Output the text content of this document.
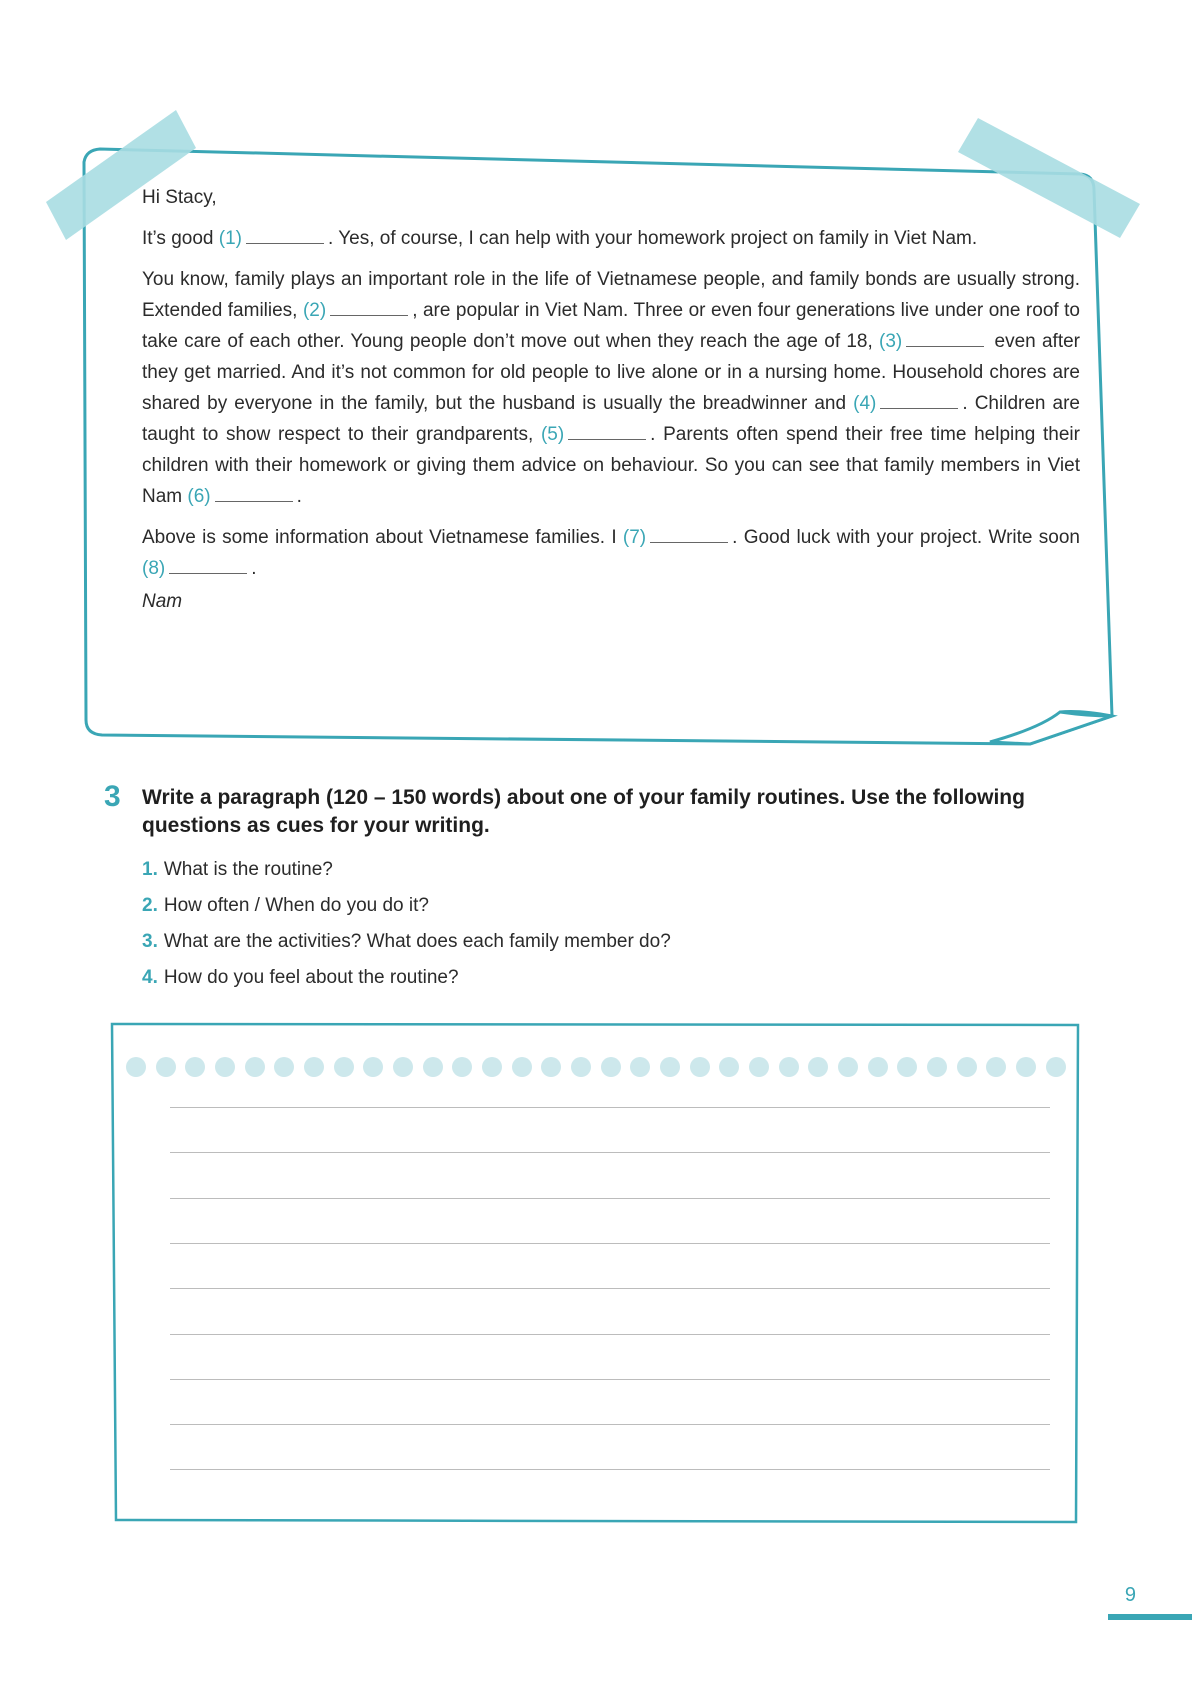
Hi Stacy,

It’s good (1)	. Yes, of course, I can help with your homework project on family in Viet Nam.

You know, family plays an important role in the life of Vietnamese people, and family bonds are usually strong. Extended families, (2)	, are popular in Viet Nam. Three or even four generations live under one roof to take care of each other. Young people don’t move out when they reach the age of 18, (3)	even after they get married. And it’s not common for old people to live alone or in a nursing home. Household chores are shared by everyone in the family, but the husband is usually the breadwinner and (4)	. Children are taught to show respect to their grandparents, (5)	. Parents often spend their free time helping their children with their homework or giving them advice on behaviour. So you can see that family members in Viet Nam (6)	.

Above is some information about Vietnamese families. I (7)	. Good luck with your project. Write soon (8)	.

Nam

3 Write a paragraph (120 – 150 words) about one of your family routines. Use the following questions as cues for your writing.
1. What is the routine?
2. How often / When do you do it?
3. What are the activities? What does each family member do?
4. How do you feel about the routine?
9
